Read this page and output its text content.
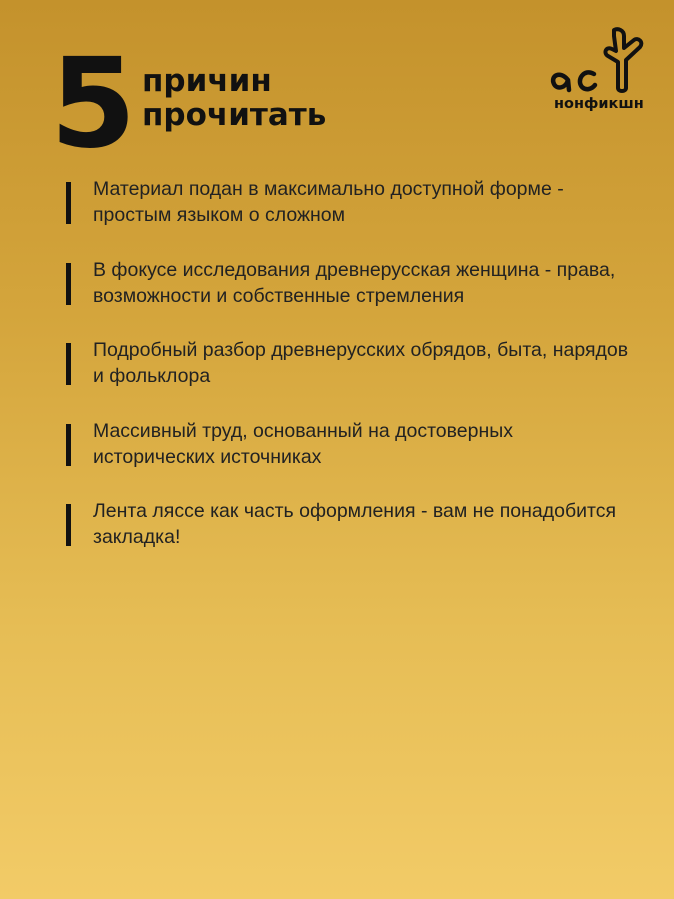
5 причин
прочитать	нонфикшн
Материал подан в максимально доступной форме - простым языком о сложном
В фокусе исследования древнерусская женщина - права, возможности и собственные стремления
Подробный разбор древнерусских обрядов, быта, нарядов и фольклора
Массивный труд, основанный на достоверных исторических источниках
Лента ляссе как часть оформления - вам не понадобится закладка!
